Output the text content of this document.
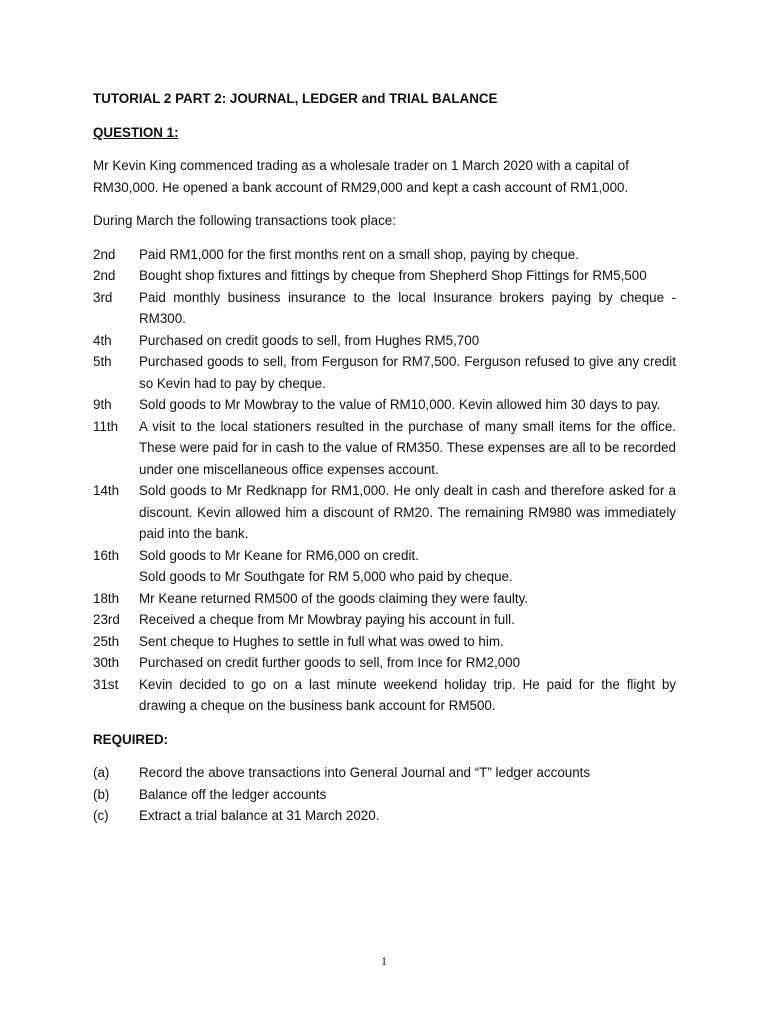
TUTORIAL 2 PART 2: JOURNAL, LEDGER and TRIAL BALANCE
QUESTION 1:
Mr Kevin King commenced trading as a wholesale trader on 1 March 2020 with a capital of RM30,000. He opened a bank account of RM29,000 and kept a cash account of RM1,000.
During March the following transactions took place:
2nd	Paid RM1,000 for the first months rent on a small shop, paying by cheque.
2nd	Bought shop fixtures and fittings by cheque from Shepherd Shop Fittings for RM5,500
3rd	Paid monthly business insurance to the local Insurance brokers paying by cheque - RM300.
4th	Purchased on credit goods to sell, from Hughes RM5,700
5th	Purchased goods to sell, from Ferguson for RM7,500. Ferguson refused to give any credit so Kevin had to pay by cheque.
9th	Sold goods to Mr Mowbray to the value of RM10,000. Kevin allowed him 30 days to pay.
11th	A visit to the local stationers resulted in the purchase of many small items for the office. These were paid for in cash to the value of RM350. These expenses are all to be recorded under one miscellaneous office expenses account.
14th	Sold goods to Mr Redknapp for RM1,000. He only dealt in cash and therefore asked for a discount. Kevin allowed him a discount of RM20. The remaining RM980 was immediately paid into the bank.
16th	Sold goods to Mr Keane for RM6,000 on credit.
Sold goods to Mr Southgate for RM 5,000 who paid by cheque.
18th	Mr Keane returned RM500 of the goods claiming they were faulty.
23rd	Received a cheque from Mr Mowbray paying his account in full.
25th	Sent cheque to Hughes to settle in full what was owed to him.
30th	Purchased on credit further goods to sell, from Ince for RM2,000
31st	Kevin decided to go on a last minute weekend holiday trip. He paid for the flight by drawing a cheque on the business bank account for RM500.
REQUIRED:
(a)	Record the above transactions into General Journal and “T” ledger accounts
(b)	Balance off the ledger accounts
(c)	Extract a trial balance at 31 March 2020.
1
